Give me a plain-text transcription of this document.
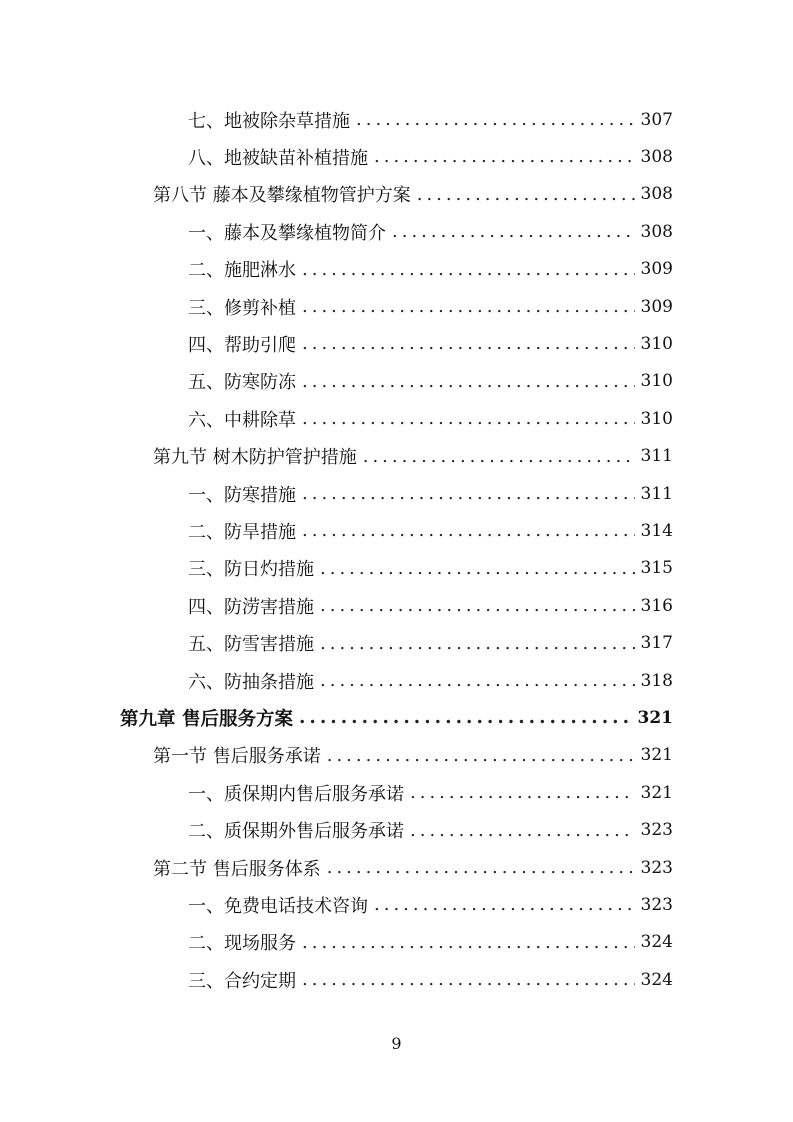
七、地被除杂草措施 .....	307
八、地被缺苗补植措施 .....	308
第八节 藤本及攀缘植物管护方案 .....	308
一、藤本及攀缘植物简介 .....	308
二、施肥淋水 .....	309
三、修剪补植 .....	309
四、帮助引爬 .....	310
五、防寒防冻 .....	310
六、中耕除草 .....	310
第九节 树木防护管护措施 .....	311
一、防寒措施 .....	311
二、防旱措施 .....	314
三、防日灼措施 .....	315
四、防涝害措施 .....	316
五、防雪害措施 .....	317
六、防抽条措施 .....	318
第九章 售后服务方案 .....	321
第一节 售后服务承诺 .....	321
一、质保期内售后服务承诺 .....	321
二、质保期外售后服务承诺 .....	323
第二节 售后服务体系 .....	323
一、免费电话技术咨询 .....	323
二、现场服务 .....	324
三、合约定期 .....	324
9
